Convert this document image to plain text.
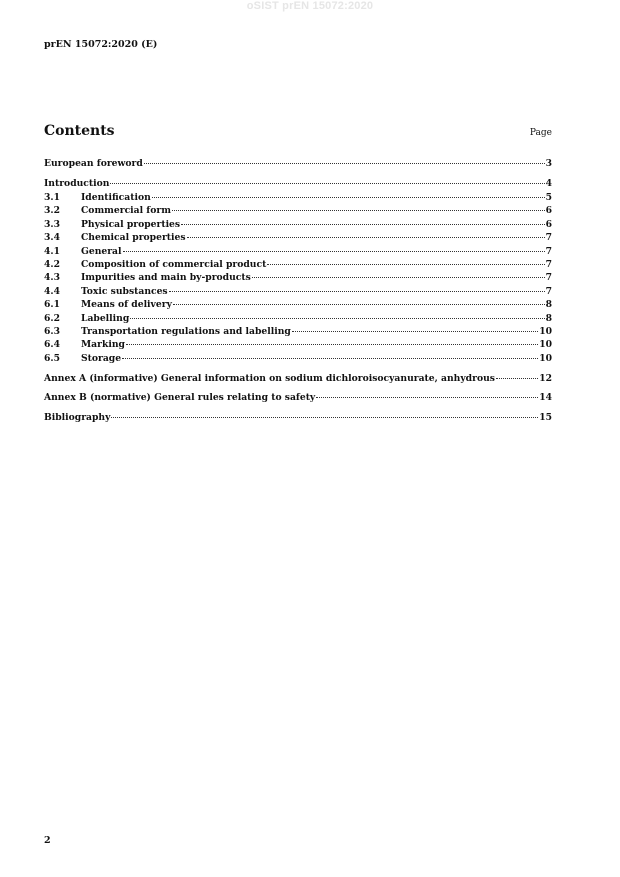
oSIST prEN 15072:2020
prEN 15072:2020 (E)
Contents	Page
European foreword	3
Introduction	4
3.1	Identification	5
3.2	Commercial form	6
3.3	Physical properties	6
3.4	Chemical properties	7
4.1	General	7
4.2	Composition of commercial product	7
4.3	Impurities and main by-products	7
4.4	Toxic substances	7
6.1	Means of delivery	8
6.2	Labelling	8
6.3	Transportation regulations and labelling	10
6.4	Marking	10
6.5	Storage	10
Annex A (informative) General information on sodium dichloroisocyanurate, anhydrous	12
Annex B (normative) General rules relating to safety	14
Bibliography	15
2
